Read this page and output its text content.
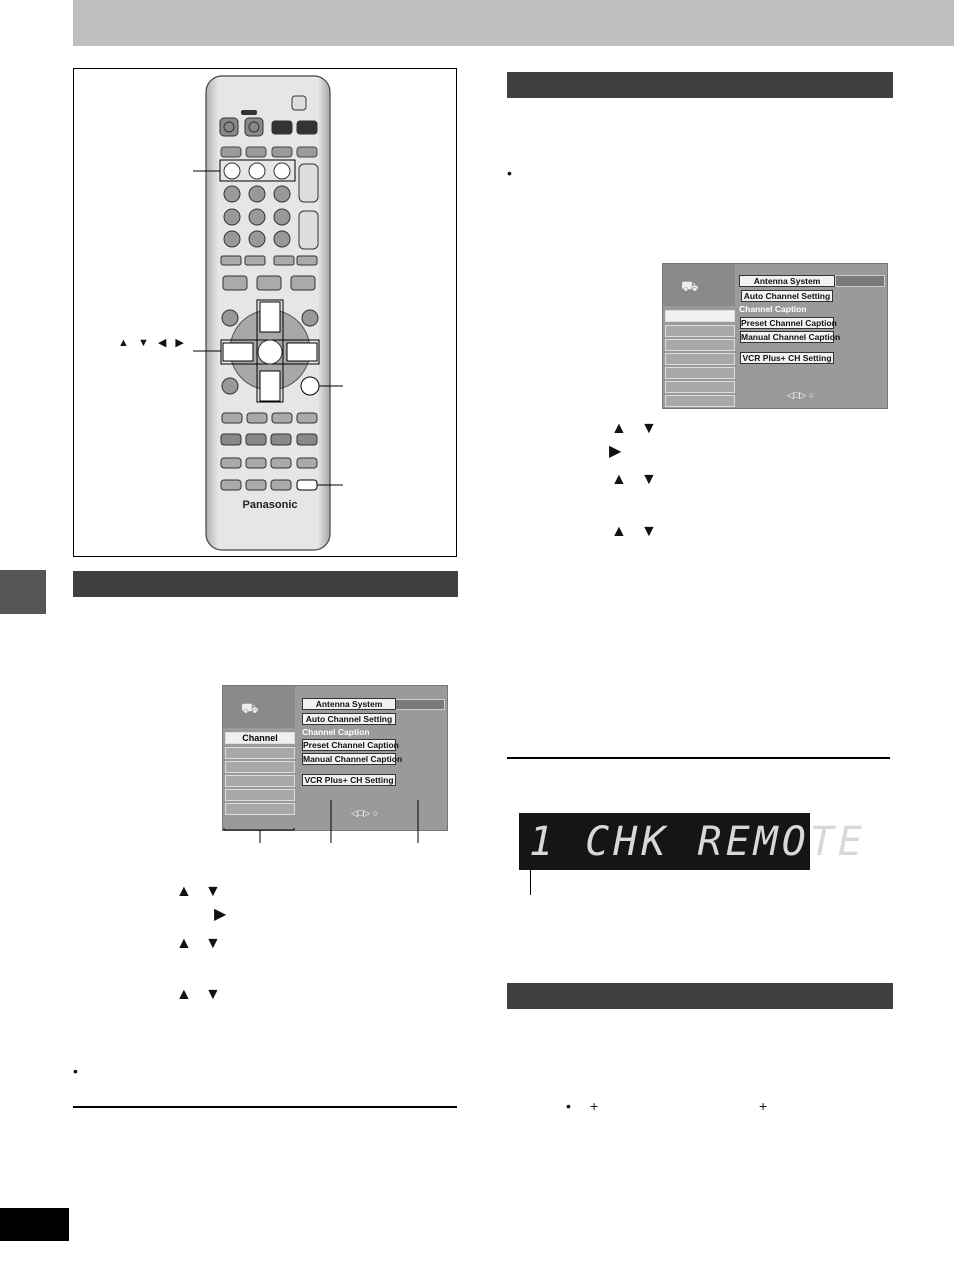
Panasonic
▲ ▼ ◀ ▶
⛟
Channel
Antenna System
Auto Channel Setting
Channel Caption
Preset Channel Caption
Manual Channel Caption
VCR Plus+ CH Setting
◁□▷ ○
▲ ▼
▶
▲ ▼
▲ ▼
•
•
⛟	Antenna System
Auto Channel Setting
Channel Caption
Preset Channel Caption
Manual Channel Caption
VCR Plus+ CH Setting
◁□▷ ○
▲ ▼
▶
▲ ▼
▲ ▼
1 CHK REMOTE
• +	+
